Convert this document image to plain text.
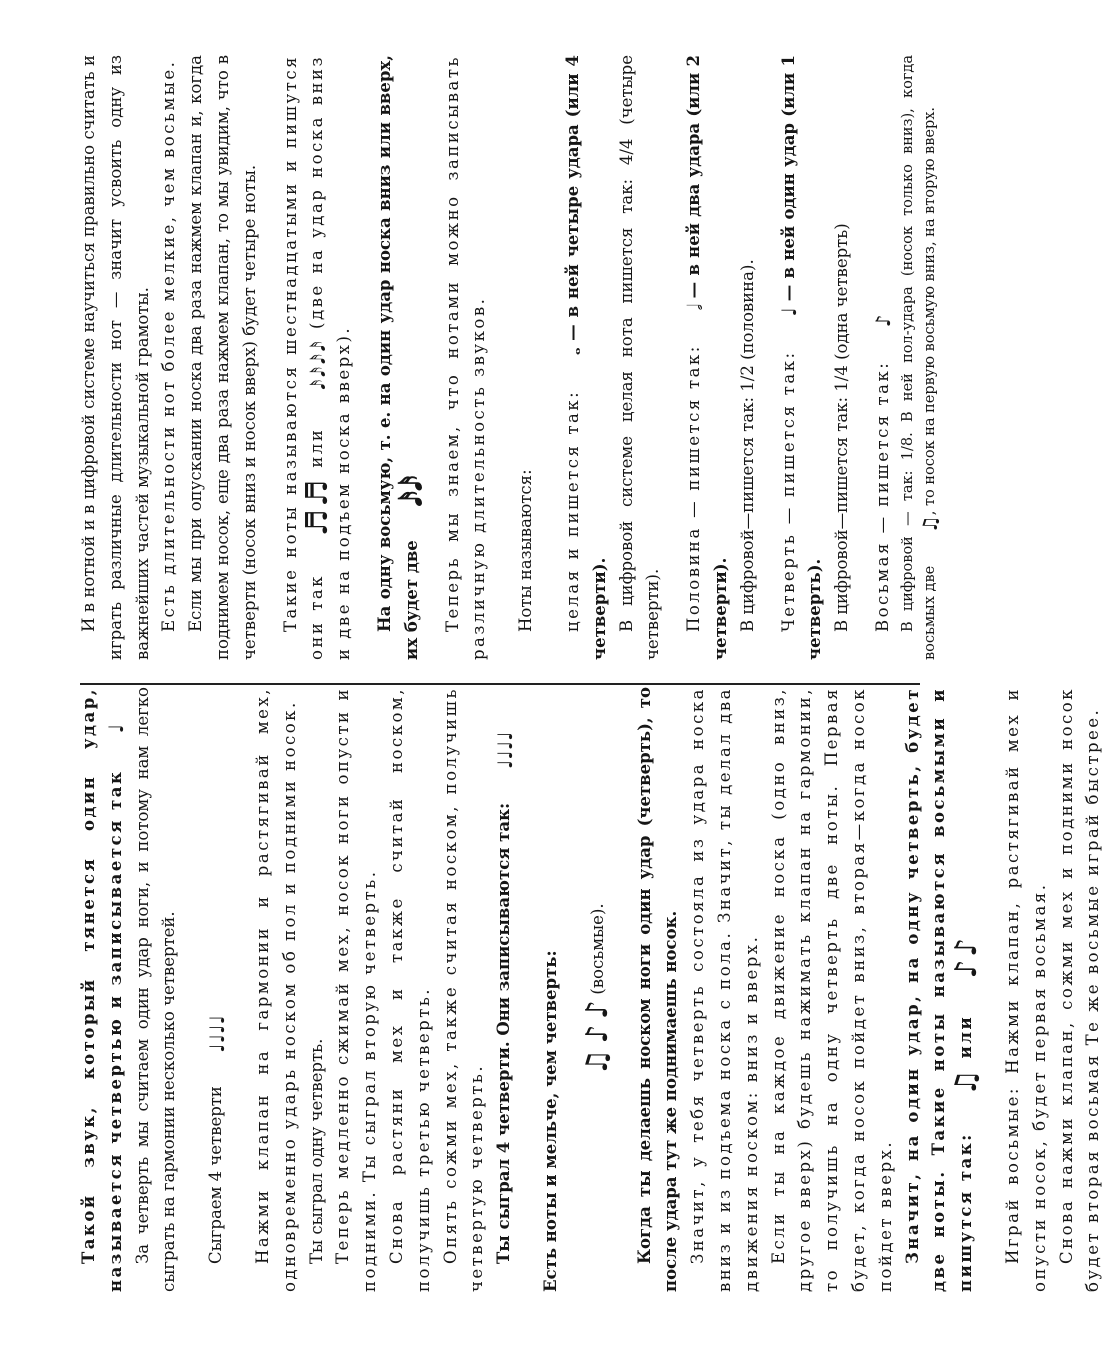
Такой звук, который тянется один удар, называется четвертью и записывается так ♩ За четверть мы считаем один удар ноги, и потому нам легко сыграть на гармонии несколько четвертей. Сыграем 4 четверти ♩♩♩♩ Нажми клапан на гармонии и растягивай мех, одновременно ударь носком об пол и подними носок. Ты сыграл одну четверть. Теперь медленно сжимай мех, носок ноги опусти и подними. Ты сыграл вторую четверть. Снова растяни мех и также считай носком, получишь третью четверть. Опять сожми мех, также считая носком, получишь четвертую четверть. Ты сыграл 4 четверти. Они записываются так: ♩♩♩♩

Есть ноты и мельче, чем четверть: ♫ ♪ ♪ (восьмые). Когда ты делаешь носком ноги один удар (четверть), то после удара тут же поднимаешь носок. Значит, у тебя четверть состояла из удара носка вниз и из подъема носка с пола. Значит, ты делал два движения носком: вниз и вверх. Если ты на каждое движение носка (одно вниз, другое вверх) будешь нажимать клапан на гармонии, то получишь на одну четверть две ноты. Первая будет, когда носок пойдет вниз, вторая—когда носок пойдет вверх. Значит, на один удар, на одну четверть, будет две ноты. Такие ноты называются восьмыми и пишутся так: ♫ или ♪♪ Играй восьмые: Нажми клапан, растягивай мех и опусти носок, будет первая восьмая. Снова нажми клапан, сожми мех и подними носок будет вторая восьмая Те же восьмые играй быстрее.

И в нотной и в цифровой системе научиться правильно считать и играть различные длительности нот — значит усвоить одну из важнейших частей музыкальной грамоты. Есть длительности нот более мелкие, чем восьмые. Если мы при опускании носка два раза нажмем клапан и, когда поднимем носок, еще два раза нажмем клапан, то мы увидим, что в четверти (носок вниз и носок вверх) будет четыре ноты. Такие ноты называются шестнадцатыми и пишутся они так ♬♬ или 𝅘𝅥𝅯𝅘𝅥𝅯𝅘𝅥𝅯𝅘𝅥𝅯 (две на удар носка вниз и две на подъем носка вверх). На одну восьмую, т. е. на один удар носка вниз или вверх, их будет две 𝅘𝅥𝅯𝅘𝅥𝅯 Теперь мы знаем, что нотами можно записывать различную длительность звуков. Ноты называются: целая и пишется так: 𝅝 — в ней четыре удара (или 4 четверти). В цифровой системе целая нота пишется так: 4/4 (четыре четверти). Половина — пишется так: 𝅗𝅥 — в ней два удара (или 2 четверти). В цифровой—пишется так: 1/2 (половина). Четверть — пишется так: ♩ — в ней один удар (или 1 четверть). В цифровой—пишется так: 1/4 (одна четверть) Восьмая — пишется так: ♪ В цифровой — так: 1/8. В ней пол-удара (носок только вниз), когда восьмых две ♫, то носок на первую восьмую вниз, на вторую вверх.
